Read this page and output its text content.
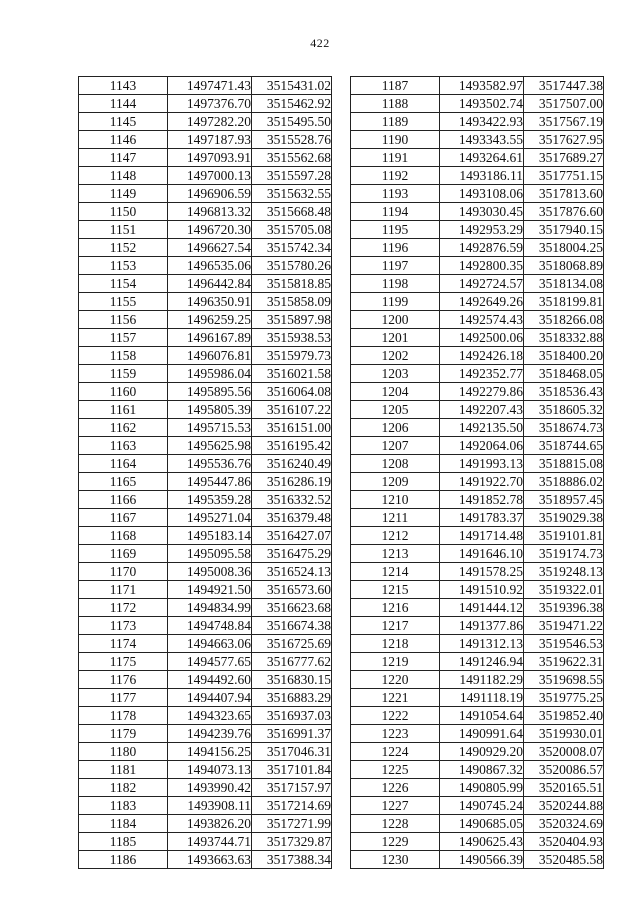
422
1143	1497471.43	3515431.02
1144	1497376.70	3515462.92
1145	1497282.20	3515495.50
1146	1497187.93	3515528.76
1147	1497093.91	3515562.68
1148	1497000.13	3515597.28
1149	1496906.59	3515632.55
1150	1496813.32	3515668.48
1151	1496720.30	3515705.08
1152	1496627.54	3515742.34
1153	1496535.06	3515780.26
1154	1496442.84	3515818.85
1155	1496350.91	3515858.09
1156	1496259.25	3515897.98
1157	1496167.89	3515938.53
1158	1496076.81	3515979.73
1159	1495986.04	3516021.58
1160	1495895.56	3516064.08
1161	1495805.39	3516107.22
1162	1495715.53	3516151.00
1163	1495625.98	3516195.42
1164	1495536.76	3516240.49
1165	1495447.86	3516286.19
1166	1495359.28	3516332.52
1167	1495271.04	3516379.48
1168	1495183.14	3516427.07
1169	1495095.58	3516475.29
1170	1495008.36	3516524.13
1171	1494921.50	3516573.60
1172	1494834.99	3516623.68
1173	1494748.84	3516674.38
1174	1494663.06	3516725.69
1175	1494577.65	3516777.62
1176	1494492.60	3516830.15
1177	1494407.94	3516883.29
1178	1494323.65	3516937.03
1179	1494239.76	3516991.37
1180	1494156.25	3517046.31
1181	1494073.13	3517101.84
1182	1493990.42	3517157.97
1183	1493908.11	3517214.69
1184	1493826.20	3517271.99
1185	1493744.71	3517329.87
1186	1493663.63	3517388.34
1187	1493582.97	3517447.38
1188	1493502.74	3517507.00
1189	1493422.93	3517567.19
1190	1493343.55	3517627.95
1191	1493264.61	3517689.27
1192	1493186.11	3517751.15
1193	1493108.06	3517813.60
1194	1493030.45	3517876.60
1195	1492953.29	3517940.15
1196	1492876.59	3518004.25
1197	1492800.35	3518068.89
1198	1492724.57	3518134.08
1199	1492649.26	3518199.81
1200	1492574.43	3518266.08
1201	1492500.06	3518332.88
1202	1492426.18	3518400.20
1203	1492352.77	3518468.05
1204	1492279.86	3518536.43
1205	1492207.43	3518605.32
1206	1492135.50	3518674.73
1207	1492064.06	3518744.65
1208	1491993.13	3518815.08
1209	1491922.70	3518886.02
1210	1491852.78	3518957.45
1211	1491783.37	3519029.38
1212	1491714.48	3519101.81
1213	1491646.10	3519174.73
1214	1491578.25	3519248.13
1215	1491510.92	3519322.01
1216	1491444.12	3519396.38
1217	1491377.86	3519471.22
1218	1491312.13	3519546.53
1219	1491246.94	3519622.31
1220	1491182.29	3519698.55
1221	1491118.19	3519775.25
1222	1491054.64	3519852.40
1223	1490991.64	3519930.01
1224	1490929.20	3520008.07
1225	1490867.32	3520086.57
1226	1490805.99	3520165.51
1227	1490745.24	3520244.88
1228	1490685.05	3520324.69
1229	1490625.43	3520404.93
1230	1490566.39	3520485.58
